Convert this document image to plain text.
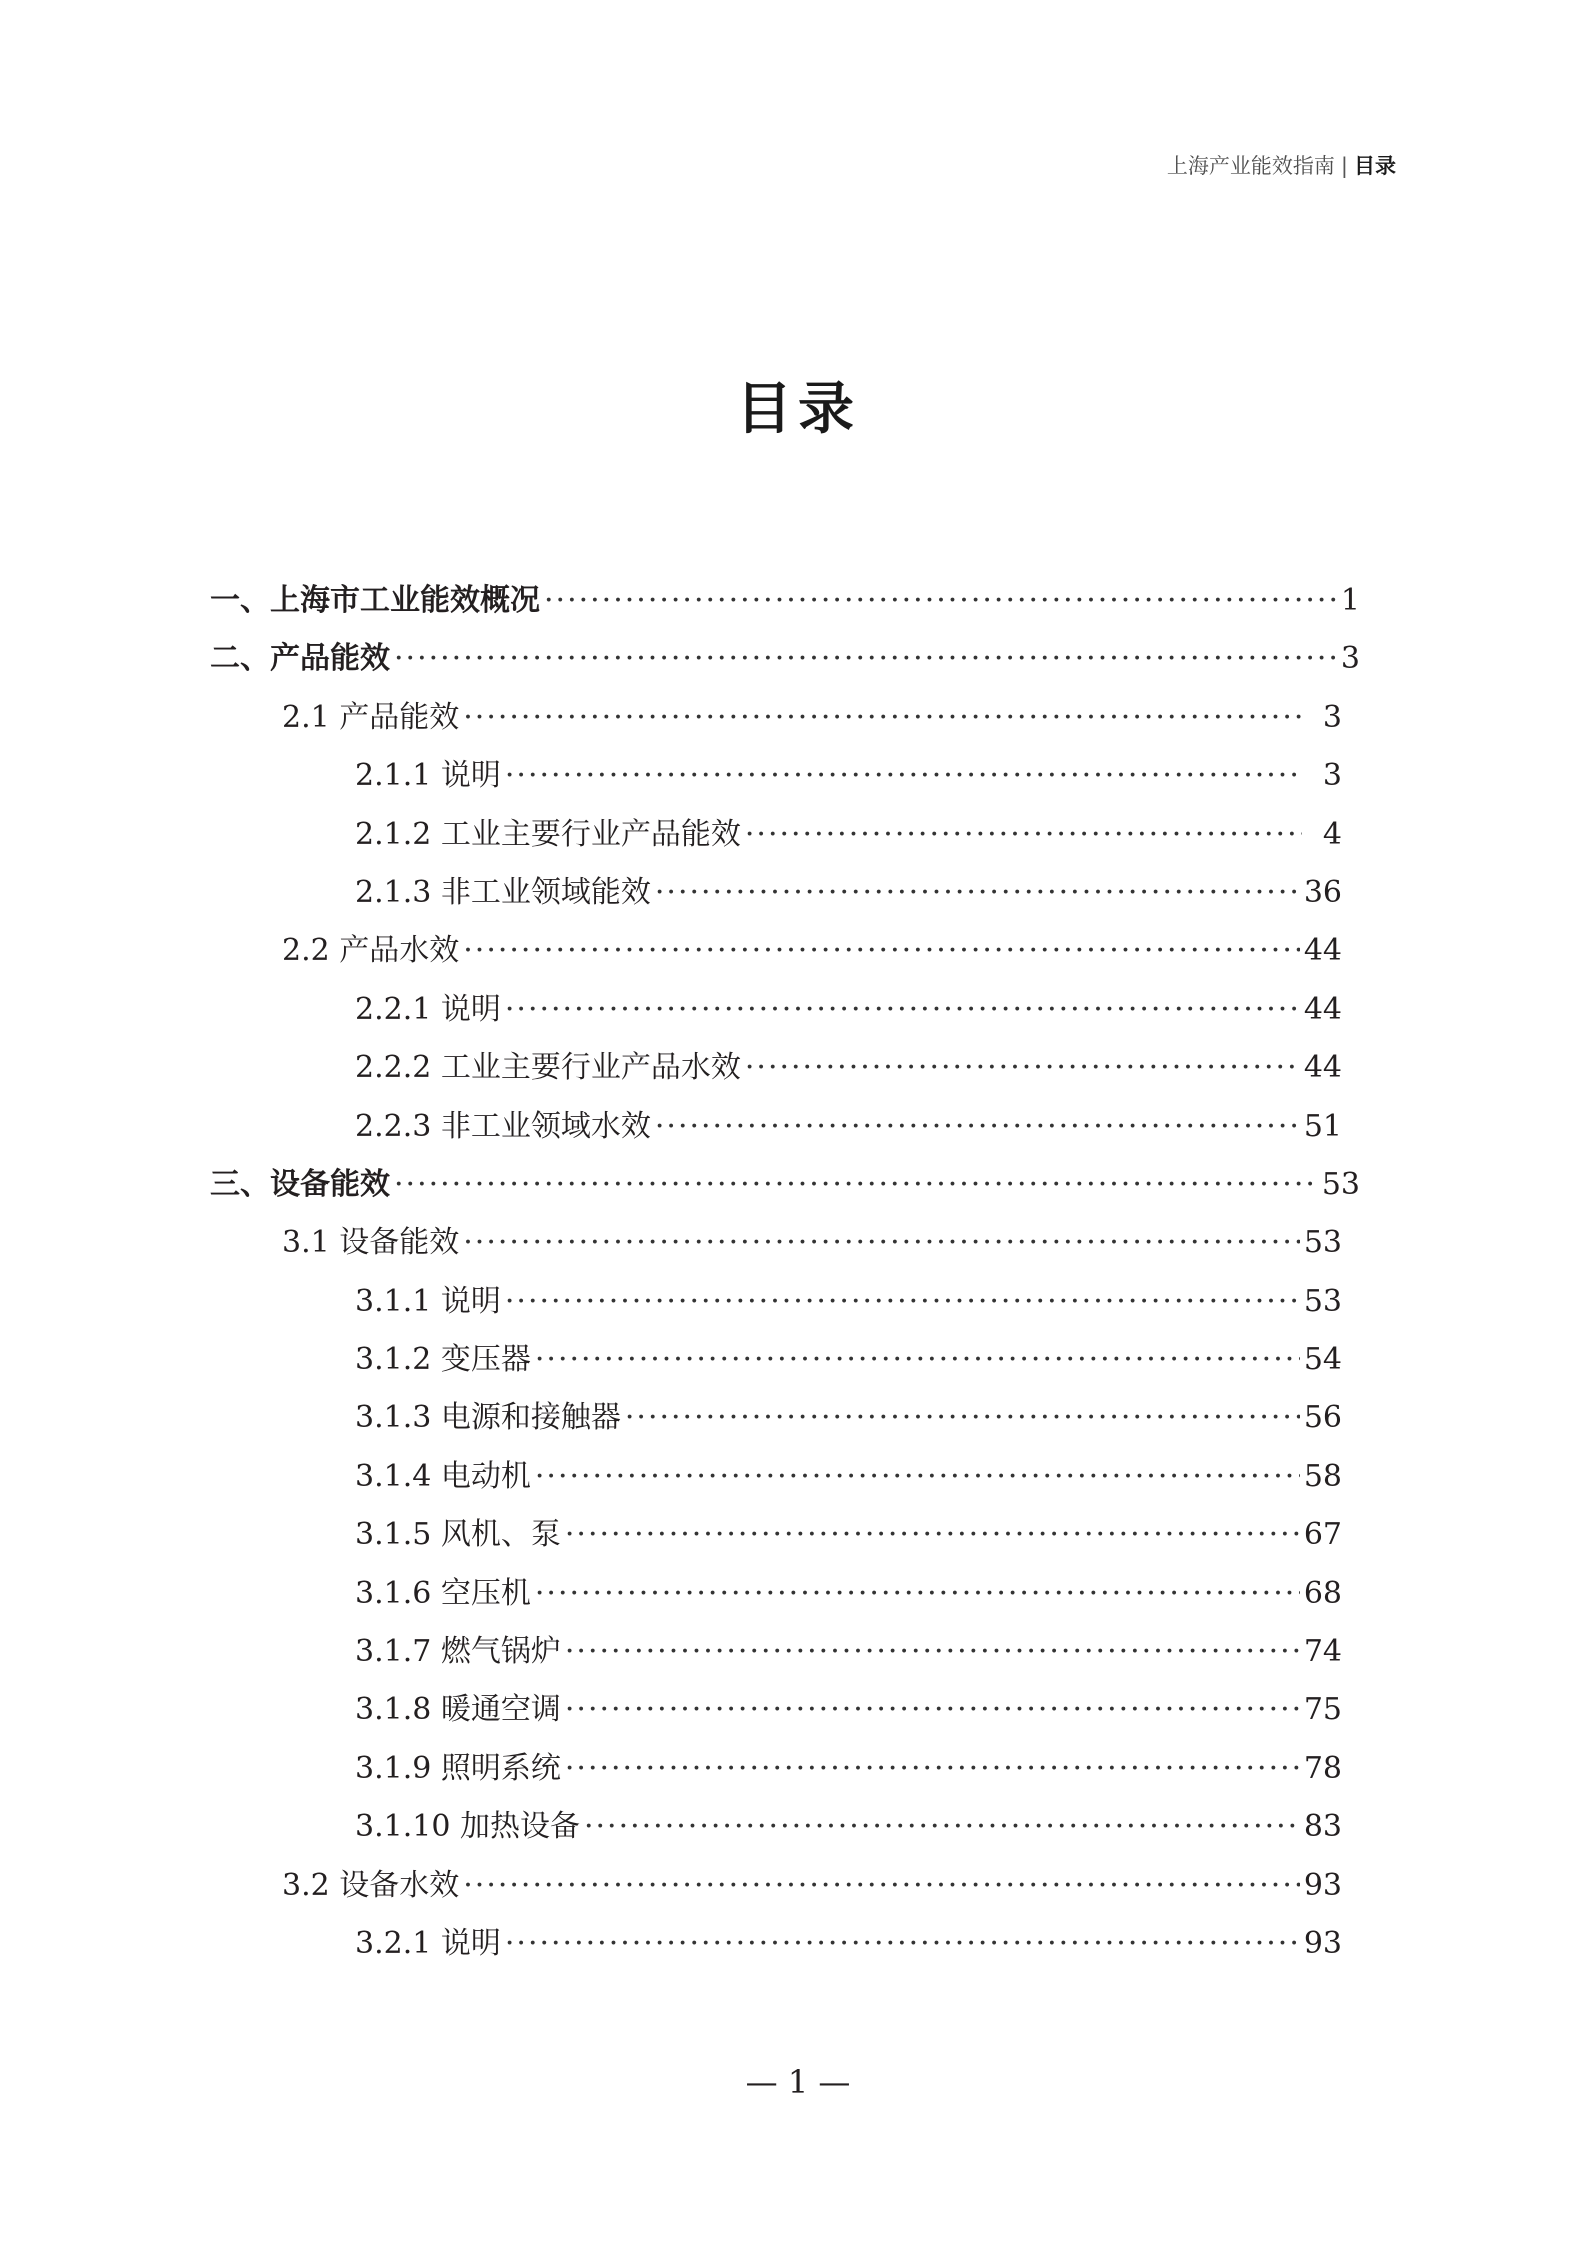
上海产业能效指南 | 目录
目录
一、上海市工业能效概况 ·····	1
二、产品能效 ·····	3
2.1 产品能效 ·····	3
2.1.1 说明 ·····	3
2.1.2 工业主要行业产品能效 ·····	4
2.1.3 非工业领域能效 ·····	36
2.2 产品水效 ·····	44
2.2.1 说明 ·····	44
2.2.2 工业主要行业产品水效 ·····	44
2.2.3 非工业领域水效 ·····	51
三、设备能效 ·····	53
3.1 设备能效 ·····	53
3.1.1 说明 ·····	53
3.1.2 变压器 ·····	54
3.1.3 电源和接触器 ·····	56
3.1.4 电动机 ·····	58
3.1.5 风机、泵 ·····	67
3.1.6 空压机 ·····	68
3.1.7 燃气锅炉 ·····	74
3.1.8 暖通空调 ·····	75
3.1.9 照明系统 ·····	78
3.1.10 加热设备 ·····	83
3.2 设备水效 ·····	93
3.2.1 说明 ·····	93
— 1 —
